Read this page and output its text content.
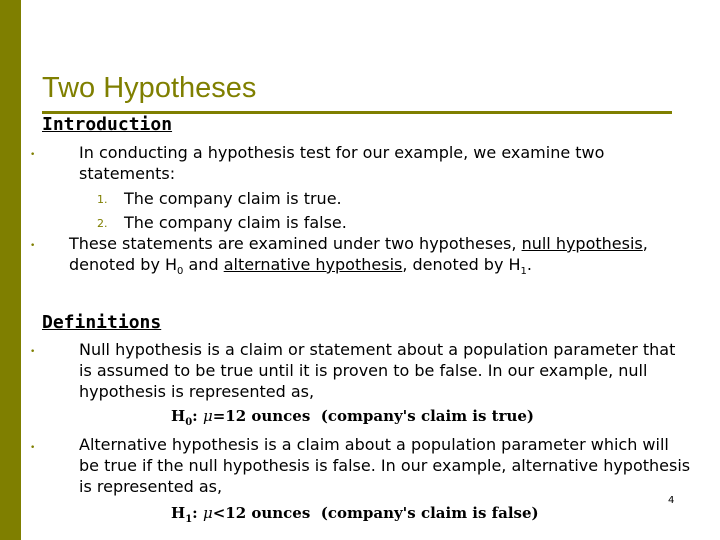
Two Hypotheses
Introduction
•	In conducting a hypothesis test for our example, we examine two statements:
1. The company claim is true.
2. The company claim is false.
• These statements are examined under two hypotheses, null hypothesis, denoted by $H_0$ and alternative hypothesis, denoted by $H_1$.
Definitions
•	Null hypothesis is a claim or statement about a population parameter that is assumed to be true until it is proven to be false. In our example, null hypothesis is represented as,
$H_0$: μ=12 ounces (company's claim is true)
•	Alternative hypothesis is a claim about a population parameter which will be true if the null hypothesis is false. In our example, alternative hypothesis is represented as,
$H_1$: μ<12 ounces (company's claim is false)
4
